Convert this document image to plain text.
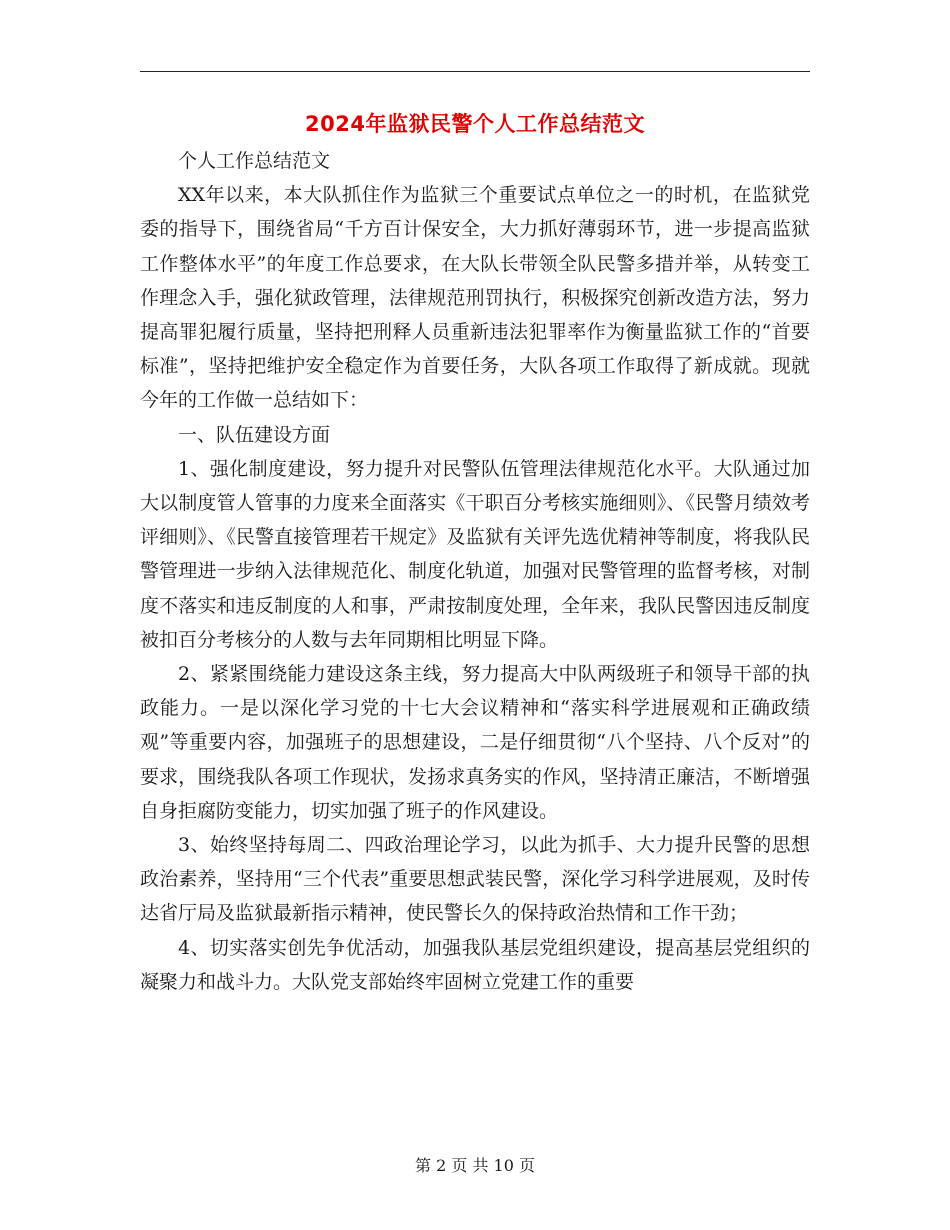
2024年监狱民警个人工作总结范文

个人工作总结范文

XX年以来，本大队抓住作为监狱三个重要试点单位之一的时机，在监狱党委的指导下，围绕省局“千方百计保安全，大力抓好薄弱环节，进一步提高监狱工作整体水平”的年度工作总要求，在大队长带领全队民警多措并举，从转变工作理念入手，强化狱政管理，法律规范刑罚执行，积极探究创新改造方法，努力提高罪犯履行质量，坚持把刑释人员重新违法犯罪率作为衡量监狱工作的“首要标准”，坚持把维护安全稳定作为首要任务，大队各项工作取得了新成就。现就今年的工作做一总结如下：

一、队伍建设方面

1、强化制度建设，努力提升对民警队伍管理法律规范化水平。大队通过加大以制度管人管事的力度来全面落实《干职百分考核实施细则》、《民警月绩效考评细则》、《民警直接管理若干规定》及监狱有关评先选优精神等制度，将我队民警管理进一步纳入法律规范化、制度化轨道，加强对民警管理的监督考核，对制度不落实和违反制度的人和事，严肃按制度处理，全年来，我队民警因违反制度被扣百分考核分的人数与去年同期相比明显下降。

2、紧紧围绕能力建设这条主线，努力提高大中队两级班子和领导干部的执政能力。一是以深化学习党的十七大会议精神和“落实科学进展观和正确政绩观”等重要内容，加强班子的思想建设，二是仔细贯彻“八个坚持、八个反对”的要求，围绕我队各项工作现状，发扬求真务实的作风，坚持清正廉洁，不断增强自身拒腐防变能力，切实加强了班子的作风建设。

3、始终坚持每周二、四政治理论学习，以此为抓手、大力提升民警的思想政治素养，坚持用“三个代表”重要思想武装民警，深化学习科学进展观，及时传达省厅局及监狱最新指示精神，使民警长久的保持政治热情和工作干劲；

4、切实落实创先争优活动，加强我队基层党组织建设，提高基层党组织的凝聚力和战斗力。大队党支部始终牢固树立党建工作的重要

第 2 页 共 10 页
